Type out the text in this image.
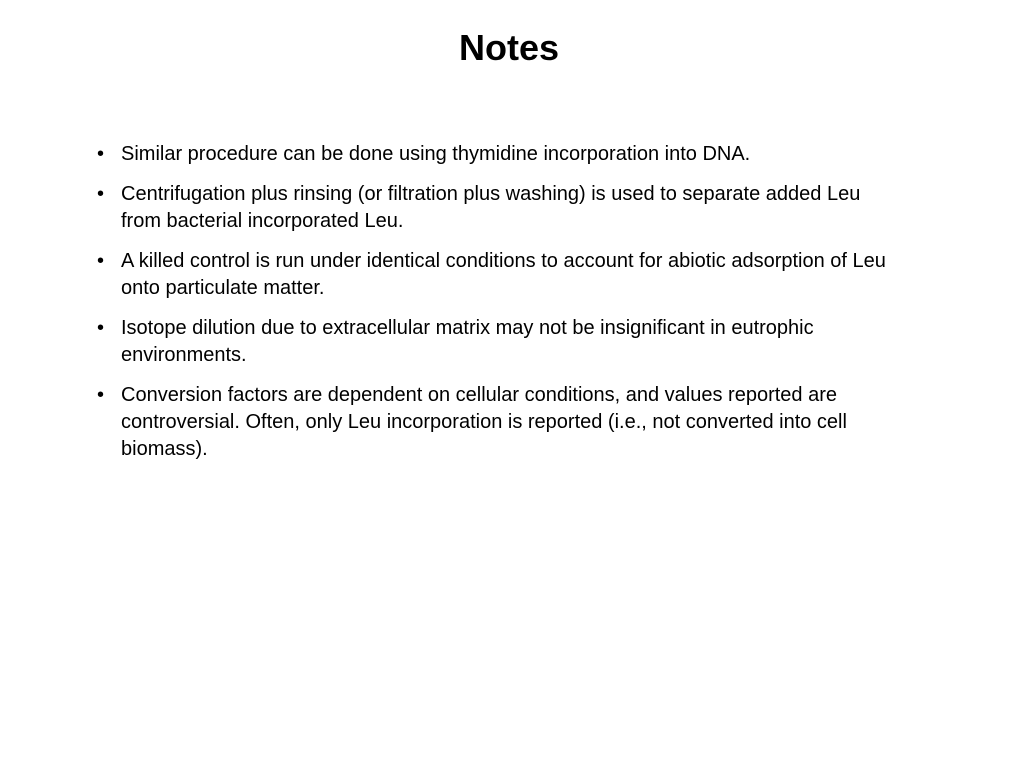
Notes
• Similar procedure can be done using thymidine incorporation into DNA.
• Centrifugation plus rinsing (or filtration plus washing) is used to separate added Leu from bacterial incorporated Leu.
• A killed control is run under identical conditions to account for abiotic adsorption of Leu onto particulate matter.
• Isotope dilution due to extracellular matrix may not be insignificant in eutrophic environments.
• Conversion factors are dependent on cellular conditions, and values reported are controversial. Often, only Leu incorporation is reported (i.e., not converted into cell biomass).
